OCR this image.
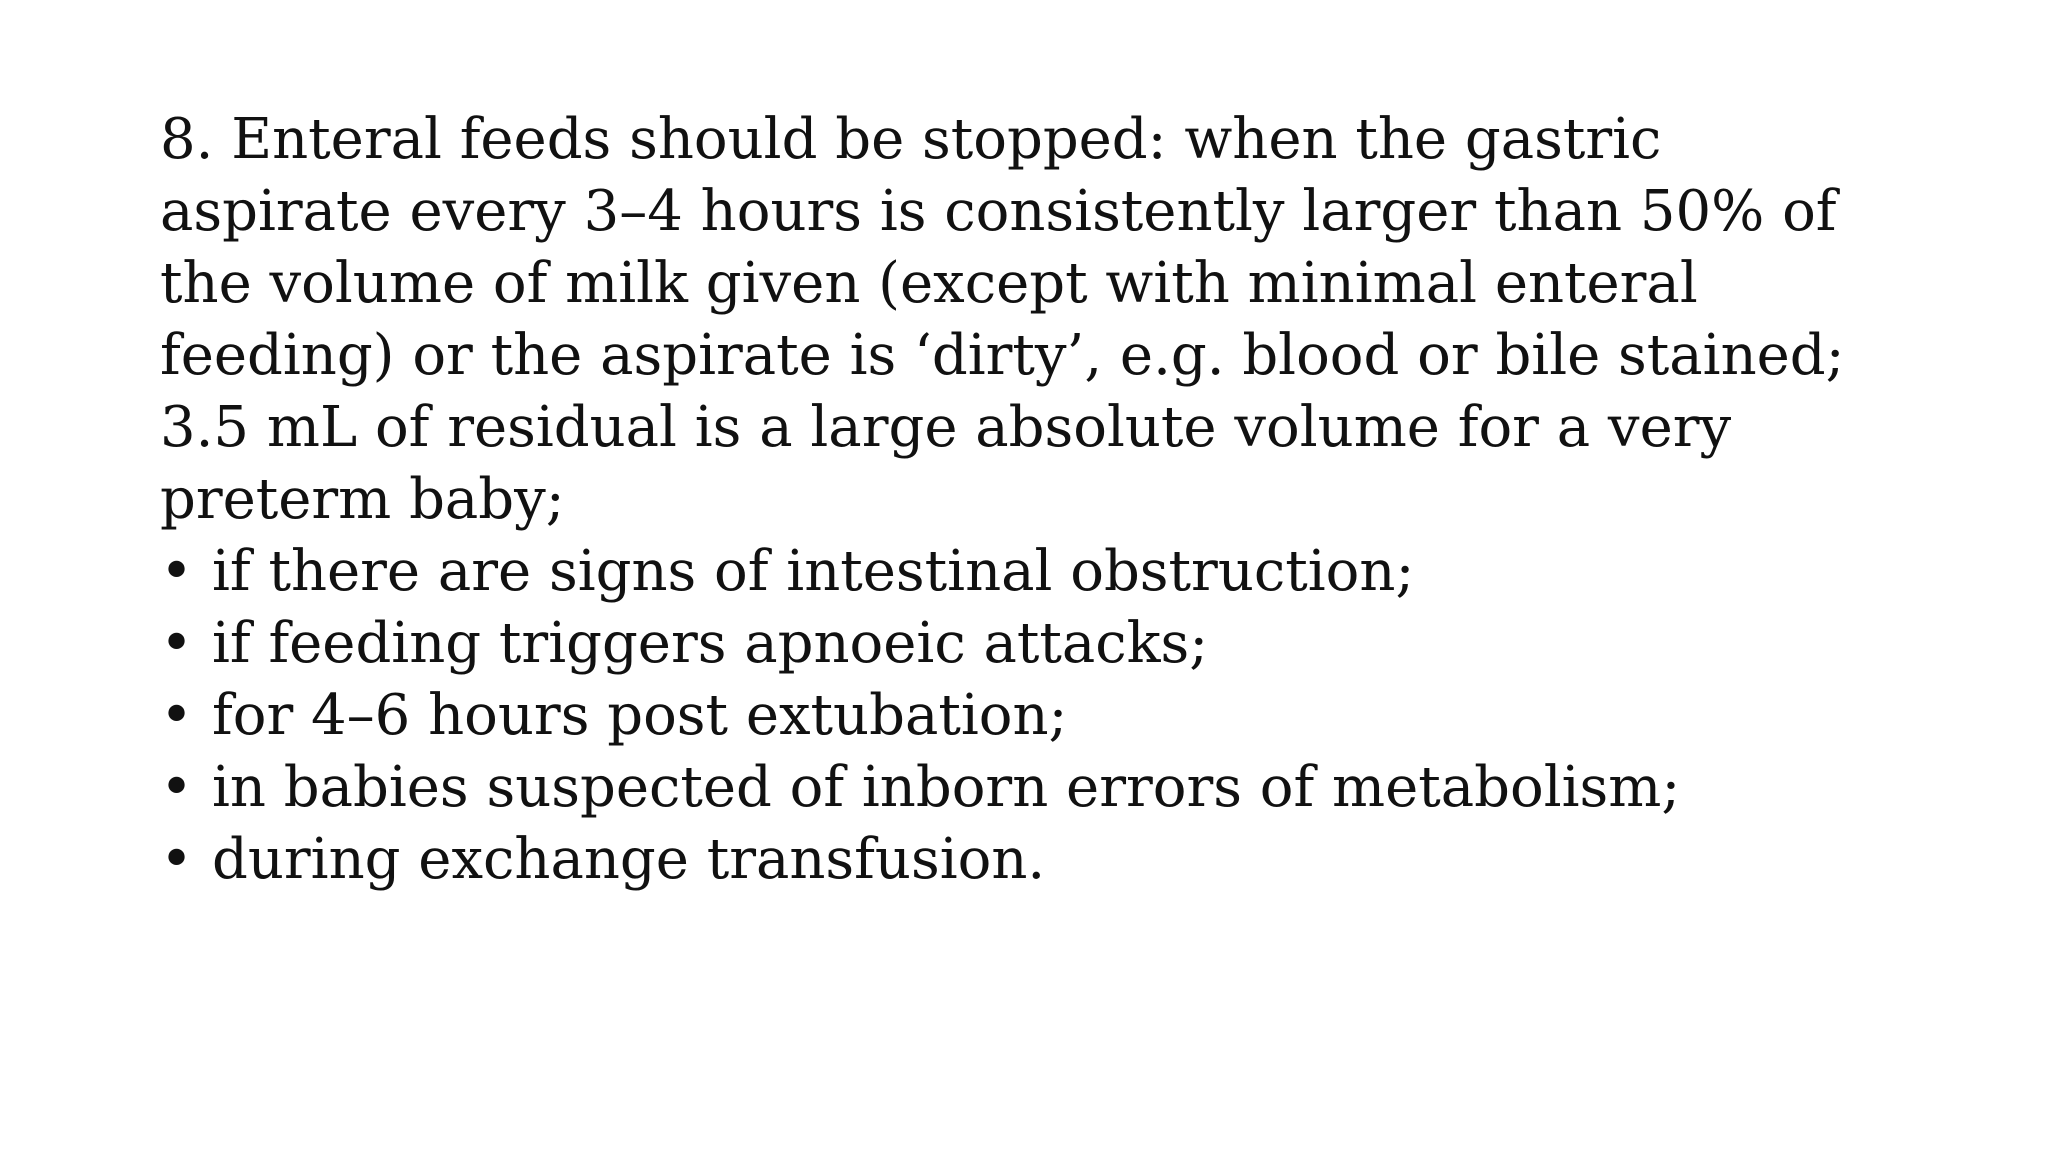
8. Enteral feeds should be stopped: when the gastric
aspirate every 3–4 hours is consistently larger than 50% of
the volume of milk given (except with minimal enteral
feeding) or the aspirate is ‘dirty’, e.g. blood or bile stained;
3.5 mL of residual is a large absolute volume for a very
preterm baby;
• if there are signs of intestinal obstruction;
• if feeding triggers apnoeic attacks;
• for 4–6 hours post extubation;
• in babies suspected of inborn errors of metabolism;
• during exchange transfusion.
